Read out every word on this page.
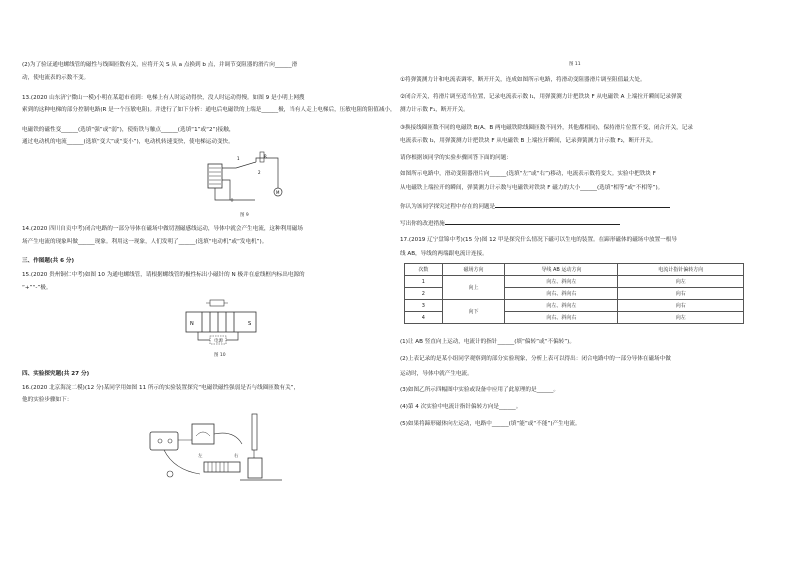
(2)为了验证通电螺线管的磁性与线圈匝数有关，应将开关 S 从 a 点换到 b 点，并调节变阻器的滑片向______滑

动，使电流表的示数不变。

13.(2020 山东济宁微山一模)小明在某超市看到：电梯上有人时运动得快，没人时运动得慢。如图 9 是小明上网搜

索到的这种电梯的部分控制电路(R 是一个压敏电阻)。并进行了如下分析：通电后电磁铁的上端是______极，当有人走上电梯后，压敏电阻的阻值减小，

电磁铁的磁性变______(选填“强”或“弱”)，使衔铁与触点______(选填“1”或“2”)接触，

通过电动机的电流______(选填“变大”或“变小”)，电动机转速变快，使电梯运动变快。

14.(2020 四川自贡中考)闭合电路的一部分导体在磁场中做切割磁感线运动，导体中就会产生电流，这种利用磁场

场产生电流的现象叫做______现象。利用这一现象，人们发明了______(选填“电动机”或“发电机”)。

三、作图题(共 6 分)

15.(2020 贵州铜仁中考)如图 10 为通电螺线管，请根据螺线管的极性标出小磁针的 N 极并在虚线框内标出电源的

“+”“-”极。

四、实验探究题(共 27 分)

16.(2020 北京海淀二模)(12 分)某同学用如图 11 所示的实验装置探究“电磁铁磁性强弱是否与线圈匝数有关”，

他的实验步骤如下：

M
R
1
2
图 9
N	S
电源
图 10
左	右
图 11

①将弹簧测力计和电流表调零，断开开关，连成如图所示电路，将滑动变阻器滑片调至阻值最大处。

②闭合开关，将滑片调至适当位置，记录电流表示数 I₁，用弹簧测力计把铁块 F 从电磁铁 A 上端拉开瞬间记录弹簧

测力计示数 F₁，断开开关。

③换接线圈匝数不同的电磁铁 B(A、B 两电磁铁除线圈匝数不同外，其他都相同)，保持滑片位置不变，闭合开关，记录

电流表示数 I₂，用弹簧测力计把铁块 F 从电磁铁 B 上端拉开瞬间，记录弹簧测力计示数 F₂，断开开关。

请你根据该同学的实验步骤回答下面的问题：

如图所示电路中，滑动变阻器滑片向______(选填“左”或“右”)移动，电流表示数将变大。实验中把铁块 F

从电磁铁上端拉开的瞬间，弹簧测力计示数与电磁铁对铁块 F 磁力的大小______(选填“相等”或“不相等”)。

你认为该同学探究过程中存在的问题是

写出你的改进措施

17.(2019 辽宁盘锦中考)(15 分)图 12 甲是探究什么情况下磁可以生电的装置。在蹄形磁体的磁场中放置一根导

线 AB，导线的两端跟电流计连接。

次数	磁场方向	导线 AB 运动方向	电流计指针偏转方向
1	向上	向左、斜向左	向左
2		向右、斜向右	向右
3	向下	向左、斜向左	向右
4		向右、斜向右	向左

(1)让 AB 竖直向上运动，电流计的指针______(填“偏转”或“不偏转”)。

(2)上表记录的是某小组同学观察到的部分实验现象，分析上表可以得出：闭合电路中的一部分导体在磁场中做

运动时，导体中就产生电流。

(3)如图乙所示四幅图中实验或设备中应用了此原理的是______。

(4)第 4 次实验中电流计指针偏转方向是______。

(5)如果将蹄形磁体向左运动，电路中______(填“能”或“不能”)产生电流。
